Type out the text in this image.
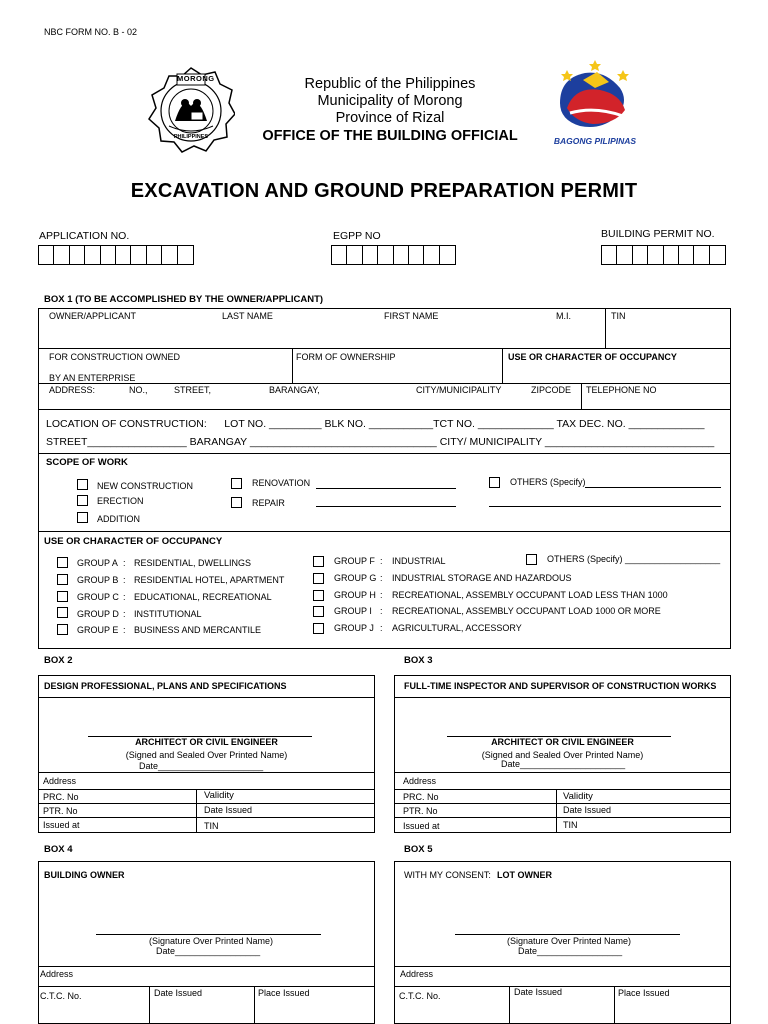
NBC FORM NO. B - 02
MORONG
PHILIPPINES
Republic of the Philippines
Municipality of Morong
Province of Rizal
OFFICE OF THE BUILDING OFFICIAL	BAGONG PILIPINAS
EXCAVATION AND GROUND PREPARATION PERMIT
APPLICATION NO.	EGPP NO	BUILDING PERMIT NO.
BOX 1 (TO BE ACCOMPLISHED BY THE OWNER/APPLICANT)
OWNER/APPLICANT	LAST NAME	FIRST NAME	M.I.	TIN
FOR CONSTRUCTION OWNED
BY AN ENTERPRISE
FORM OF OWNERSHIP	USE OR CHARACTER OF OCCUPANCY
ADDRESS:	NO.,	STREET,	BARANGAY,	CITY/MUNICIPALITY	ZIPCODE TELEPHONE NO
LOCATION OF CONSTRUCTION:      LOT NO. _________ BLK NO. ___________TCT NO. _____________ TAX DEC. NO. _____________
STREET_________________ BARANGAY ________________________________ CITY/ MUNICIPALITY _____________________________
SCOPE OF WORK
NEW CONSTRUCTION
ERECTION
ADDITION
RENOVATION
REPAIR
OTHERS (Specify)
USE OR CHARACTER OF OCCUPANCY
GROUP A : RESIDENTIAL, DWELLINGS
GROUP B : RESIDENTIAL HOTEL, APARTMENT
GROUP C : EDUCATIONAL, RECREATIONAL
GROUP D : INSTITUTIONAL
GROUP E : BUSINESS AND MERCANTILE
GROUP F : INDUSTRIAL
GROUP G : INDUSTRIAL STORAGE AND HAZARDOUS
GROUP H : RECREATIONAL, ASSEMBLY OCCUPANT LOAD LESS THAN 1000
GROUP I : RECREATIONAL, ASSEMBLY OCCUPANT LOAD 1000 OR MORE
GROUP J : AGRICULTURAL, ACCESSORY
OTHERS (Specify) ___________________
BOX 2
DESIGN PROFESSIONAL, PLANS AND SPECIFICATIONS
ARCHITECT OR CIVIL ENGINEER
(Signed and Sealed Over Printed Name)
Date_____________________
Address
PRC. No	Validity
PTR. No	Date Issued
Issued at	TIN
BOX 3
FULL-TIME INSPECTOR AND SUPERVISOR OF CONSTRUCTION WORKS
ARCHITECT OR CIVIL ENGINEER
(Signed and Sealed Over Printed Name)
Date_____________________
Address
PRC. No	Validity
PTR. No	Date Issued
Issued at	TIN
BOX 4
BUILDING OWNER
(Signature Over Printed Name)
Date_________________
Address
C.T.C. No.	Date Issued	Place Issued
BOX 5
WITH MY CONSENT: LOT OWNER
(Signature Over Printed Name)
Date_________________
Address
C.T.C. No.	Date Issued	Place Issued
